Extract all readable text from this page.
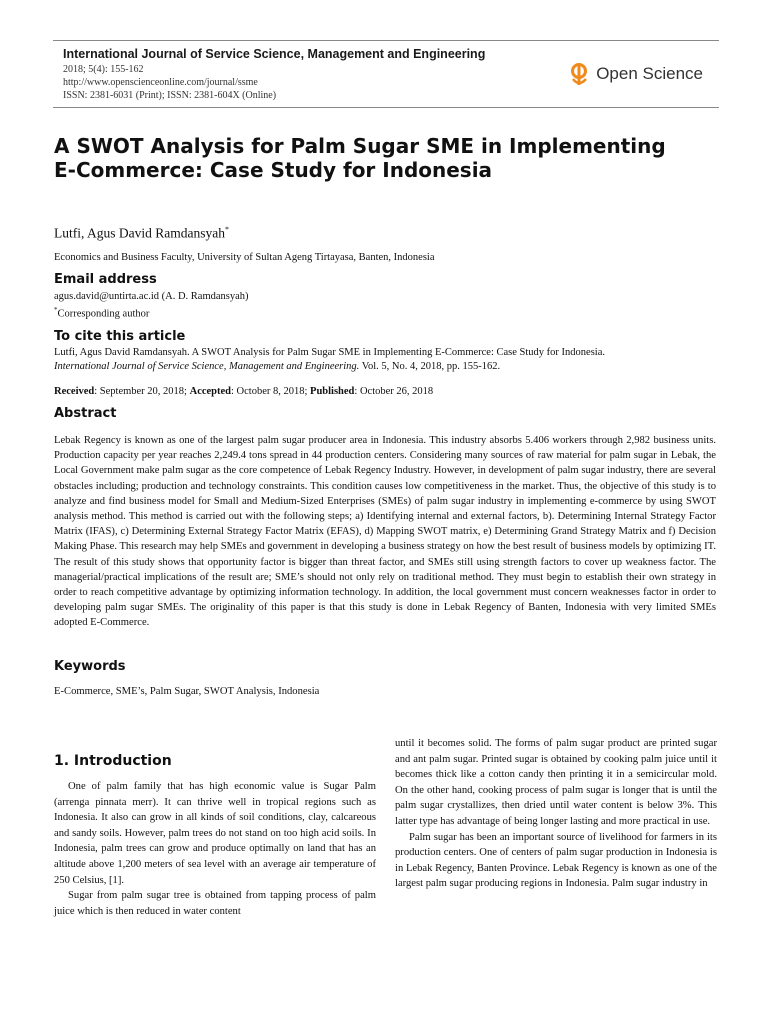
International Journal of Service Science, Management and Engineering
2018; 5(4): 155-162
http://www.openscienceonline.com/journal/ssme
ISSN: 2381-6031 (Print); ISSN: 2381-604X (Online)
Open Science
A SWOT Analysis for Palm Sugar SME in Implementing E-Commerce: Case Study for Indonesia
Lutfi, Agus David Ramdansyah*
Economics and Business Faculty, University of Sultan Ageng Tirtayasa, Banten, Indonesia
Email address
agus.david@untirta.ac.id (A. D. Ramdansyah)
*Corresponding author
To cite this article
Lutfi, Agus David Ramdansyah. A SWOT Analysis for Palm Sugar SME in Implementing E-Commerce: Case Study for Indonesia.
International Journal of Service Science, Management and Engineering. Vol. 5, No. 4, 2018, pp. 155-162.
Received: September 20, 2018; Accepted: October 8, 2018; Published: October 26, 2018
Abstract

Lebak Regency is known as one of the largest palm sugar producer area in Indonesia. This industry absorbs 5.406 workers through 2,982 business units. Production capacity per year reaches 2,249.4 tons spread in 44 production centers. Considering many sources of raw material for palm sugar in Lebak, the Local Government make palm sugar as the core competence of Lebak Regency Industry. However, in development of palm sugar industry, there are several obstacles including; production and technology constraints. This condition causes low competitiveness in the market. Thus, the objective of this study is to analyze and find business model for Small and Medium-Sized Enterprises (SMEs) of palm sugar industry in implementing e-commerce by using SWOT analysis method. This method is carried out with the following steps; a) Identifying internal and external factors, b). Determining Internal Strategy Factor Matrix (IFAS), c) Determining External Strategy Factor Matrix (EFAS), d) Mapping SWOT matrix, e) Determining Grand Strategy Matrix and f) Decision Making Phase. This research may help SMEs and government in developing a business strategy on how the best result of business models by optimizing IT. The result of this study shows that opportunity factor is bigger than threat factor, and SMEs still using strength factors to cover up weakness factor. The managerial/practical implications of the result are; SME’s should not only rely on traditional method. They must begin to establish their own strategy in order to reach competitive advantage by optimizing information technology. In addition, the local government must concern weaknesses factor in order to developing palm sugar SMEs. The originality of this paper is that this study is done in Lebak Regency of Banten, Indonesia with very limited SMEs adopted E-Commerce.

Keywords
E-Commerce, SME’s, Palm Sugar, SWOT Analysis, Indonesia
1. Introduction

One of palm family that has high economic value is Sugar Palm (arrenga pinnata merr). It can thrive well in tropical regions such as Indonesia. It also can grow in all kinds of soil conditions, clay, calcareous and sandy soils. However, palm trees do not stand on too high acid soils. In Indonesia, palm trees can grow and produce optimally on land that has an altitude above 1,200 meters of sea level with an average air temperature of 250 Celsius, [1].

Sugar from palm sugar tree is obtained from tapping process of palm juice which is then reduced in water content

until it becomes solid. The forms of palm sugar product are printed sugar and ant palm sugar. Printed sugar is obtained by cooking palm juice until it becomes thick like a cotton candy then printing it in a semicircular mold. On the other hand, cooking process of palm sugar is longer that is until the palm sugar crystallizes, then dried until water content is below 3%. This latter type has advantage of being longer lasting and more practical in use.

Palm sugar has been an important source of livelihood for farmers in its production centers. One of centers of palm sugar production in Indonesia is in Lebak Regency, Banten Province. Lebak Regency is known as one of the largest palm sugar producing regions in Indonesia. Palm sugar industry in
